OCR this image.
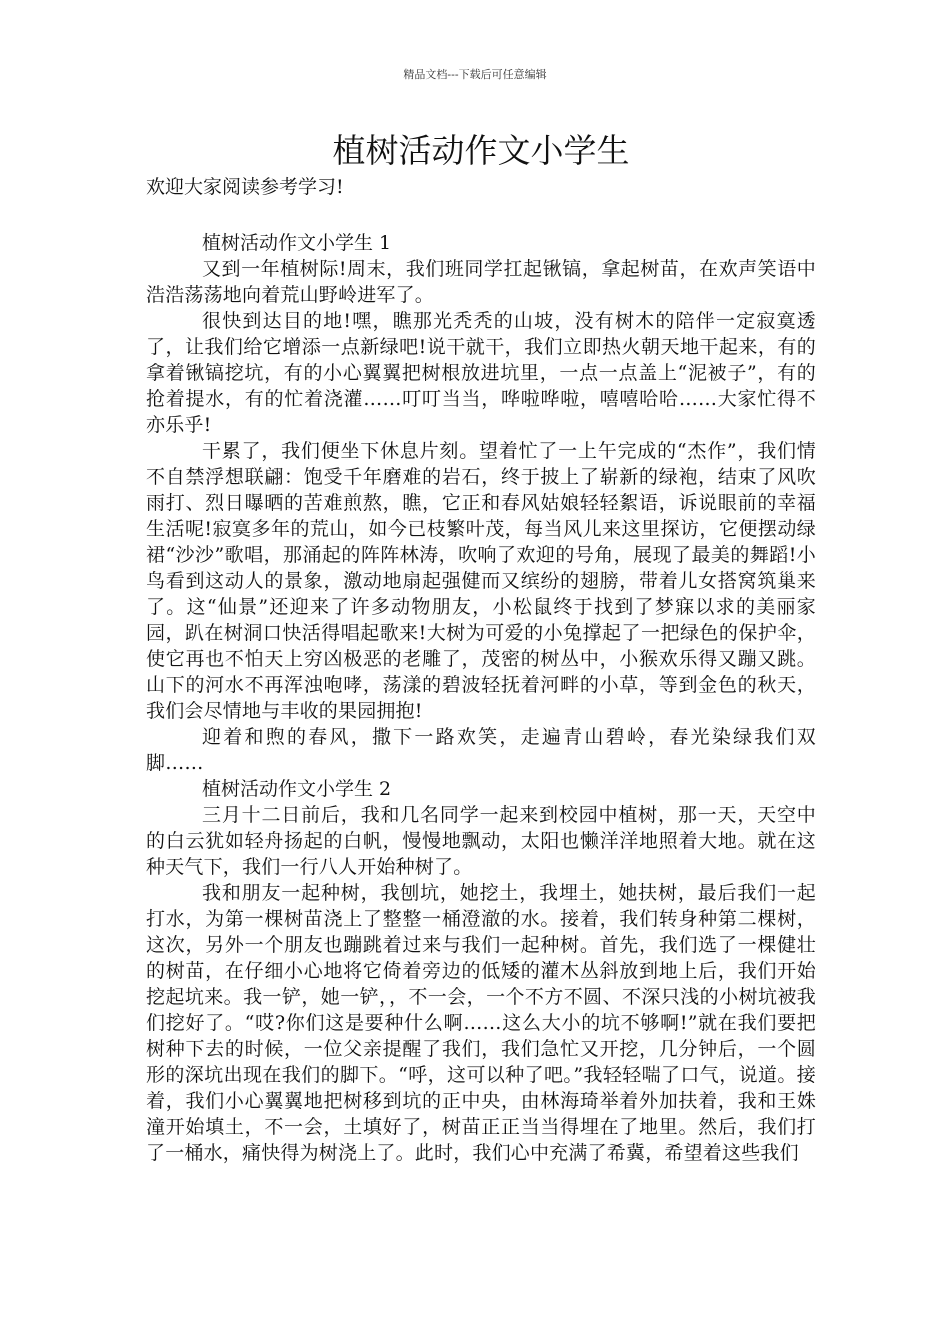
精品文档---下载后可任意编辑
植树活动作文小学生

欢迎大家阅读参考学习!

植树活动作文小学生 1

又到一年植树际!周末，我们班同学扛起锹镐，拿起树苗，在欢声笑语中浩浩荡荡地向着荒山野岭进军了。

很快到达目的地!嘿，瞧那光秃秃的山坡，没有树木的陪伴一定寂寞透了，让我们给它增添一点新绿吧!说干就干，我们立即热火朝天地干起来，有的拿着锹镐挖坑，有的小心翼翼把树根放进坑里，一点一点盖上“泥被子”，有的抢着提水，有的忙着浇灌……叮叮当当，哗啦哗啦，嘻嘻哈哈……大家忙得不亦乐乎!

干累了，我们便坐下休息片刻。望着忙了一上午完成的“杰作”，我们情不自禁浮想联翩：饱受千年磨难的岩石，终于披上了崭新的绿袍，结束了风吹雨打、烈日曝晒的苦难煎熬，瞧，它正和春风姑娘轻轻絮语，诉说眼前的幸福生活呢!寂寞多年的荒山，如今已枝繁叶茂，每当风儿来这里探访，它便摆动绿裙“沙沙”歌唱，那涌起的阵阵林涛，吹响了欢迎的号角，展现了最美的舞蹈!小鸟看到这动人的景象，激动地扇起强健而又缤纷的翅膀，带着儿女搭窝筑巢来了。这“仙景”还迎来了许多动物朋友，小松鼠终于找到了梦寐以求的美丽家园，趴在树洞口快活得唱起歌来!大树为可爱的小兔撑起了一把绿色的保护伞，使它再也不怕天上穷凶极恶的老雕了，茂密的树丛中，小猴欢乐得又蹦又跳。山下的河水不再浑浊咆哮，荡漾的碧波轻抚着河畔的小草，等到金色的秋天，我们会尽情地与丰收的果园拥抱!

迎着和煦的春风，撒下一路欢笑，走遍青山碧岭，春光染绿我们双脚……

植树活动作文小学生 2

三月十二日前后，我和几名同学一起来到校园中植树，那一天，天空中的白云犹如轻舟扬起的白帆，慢慢地飘动，太阳也懒洋洋地照着大地。就在这种天气下，我们一行八人开始种树了。

我和朋友一起种树，我刨坑，她挖土，我埋土，她扶树，最后我们一起打水，为第一棵树苗浇上了整整一桶澄澈的水。接着，我们转身种第二棵树，这次，另外一个朋友也蹦跳着过来与我们一起种树。首先，我们选了一棵健壮的树苗，在仔细小心地将它倚着旁边的低矮的灌木丛斜放到地上后，我们开始挖起坑来。我一铲，她一铲，，不一会，一个不方不圆、不深只浅的小树坑被我们挖好了。“哎?你们这是要种什么啊……这么大小的坑不够啊!”就在我们要把树种下去的时候，一位父亲提醒了我们，我们急忙又开挖，几分钟后，一个圆形的深坑出现在我们的脚下。“呼，这可以种了吧。”我轻轻喘了口气，说道。接着，我们小心翼翼地把树移到坑的正中央，由林海琦举着外加扶着，我和王姝潼开始填土，不一会，土填好了，树苗正正当当得埋在了地里。然后，我们打了一桶水，痛快得为树浇上了。此时，我们心中充满了希冀，希望着这些我们
